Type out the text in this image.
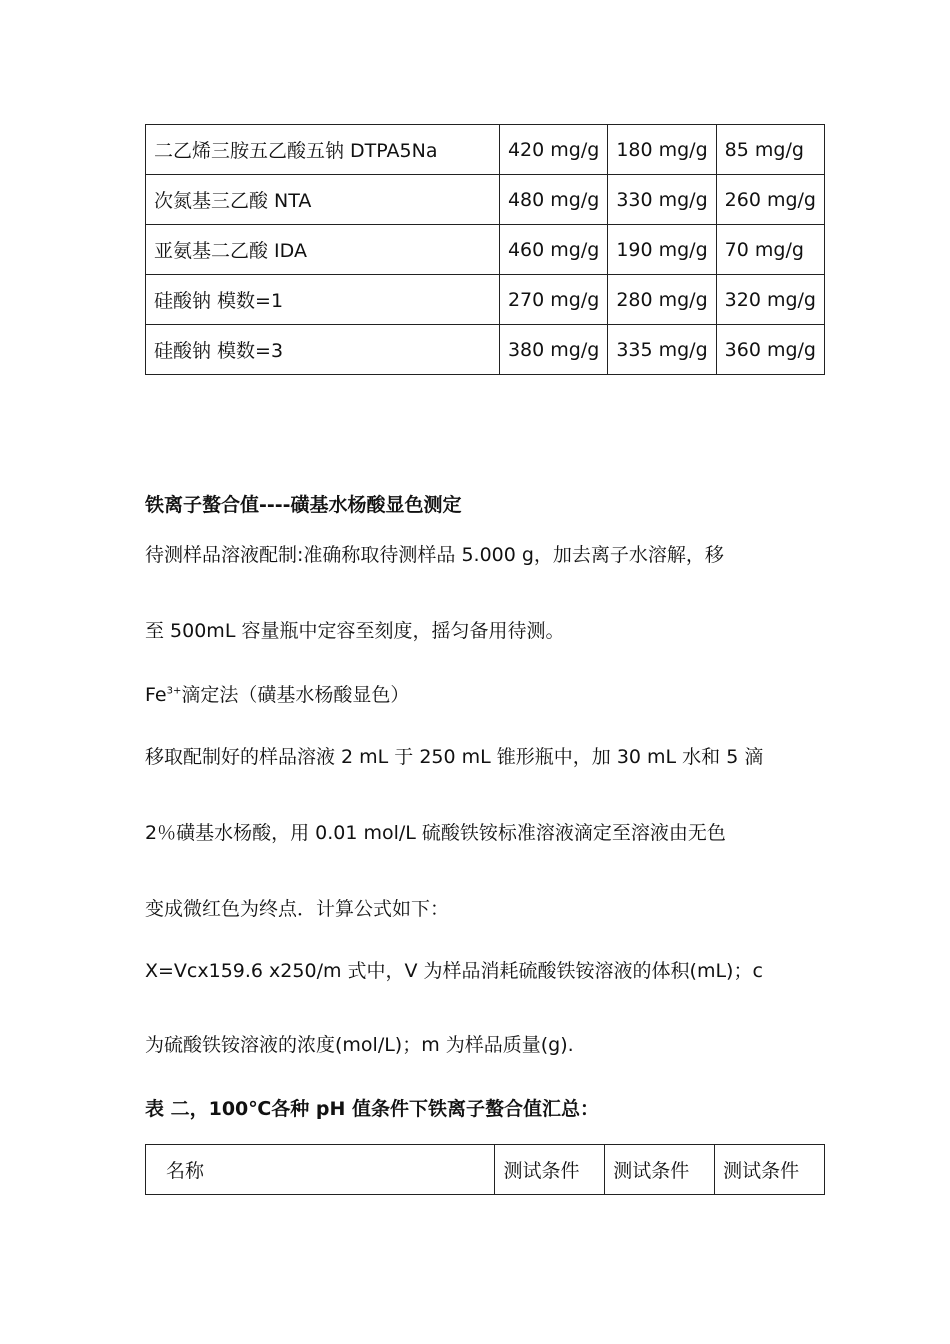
二乙烯三胺五乙酸五钠 DTPA5Na	420 mg/g	180 mg/g	85 mg/g
次氮基三乙酸 NTA	480 mg/g	330 mg/g	260 mg/g
亚氨基二乙酸 IDA	460 mg/g	190 mg/g	70 mg/g
硅酸钠 模数=1	270 mg/g	280 mg/g	320 mg/g
硅酸钠 模数=3	380 mg/g	335 mg/g	360 mg/g
铁离子螯合值----磺基水杨酸显色测定
待测样品溶液配制:准确称取待测样品 5.000 g，加去离子水溶解，移
至 500mL 容量瓶中定容至刻度，摇匀备用待测。
$Fe^{3+}$滴定法（磺基水杨酸显色）
移取配制好的样品溶液 2 mL 于 250 mL 锥形瓶中，加 30 mL 水和 5 滴
2％磺基水杨酸，用 0.01 mol/L 硫酸铁铵标准溶液滴定至溶液由无色
变成微红色为终点．计算公式如下：
X=Vcx159.6 x250/m 式中，V 为样品消耗硫酸铁铵溶液的体积(mL)；c
为硫酸铁铵溶液的浓度(mol/L)；m 为样品质量(g).
表 二，100℃各种 pH 值条件下铁离子螯合值汇总：
名称	测试条件	测试条件	测试条件
